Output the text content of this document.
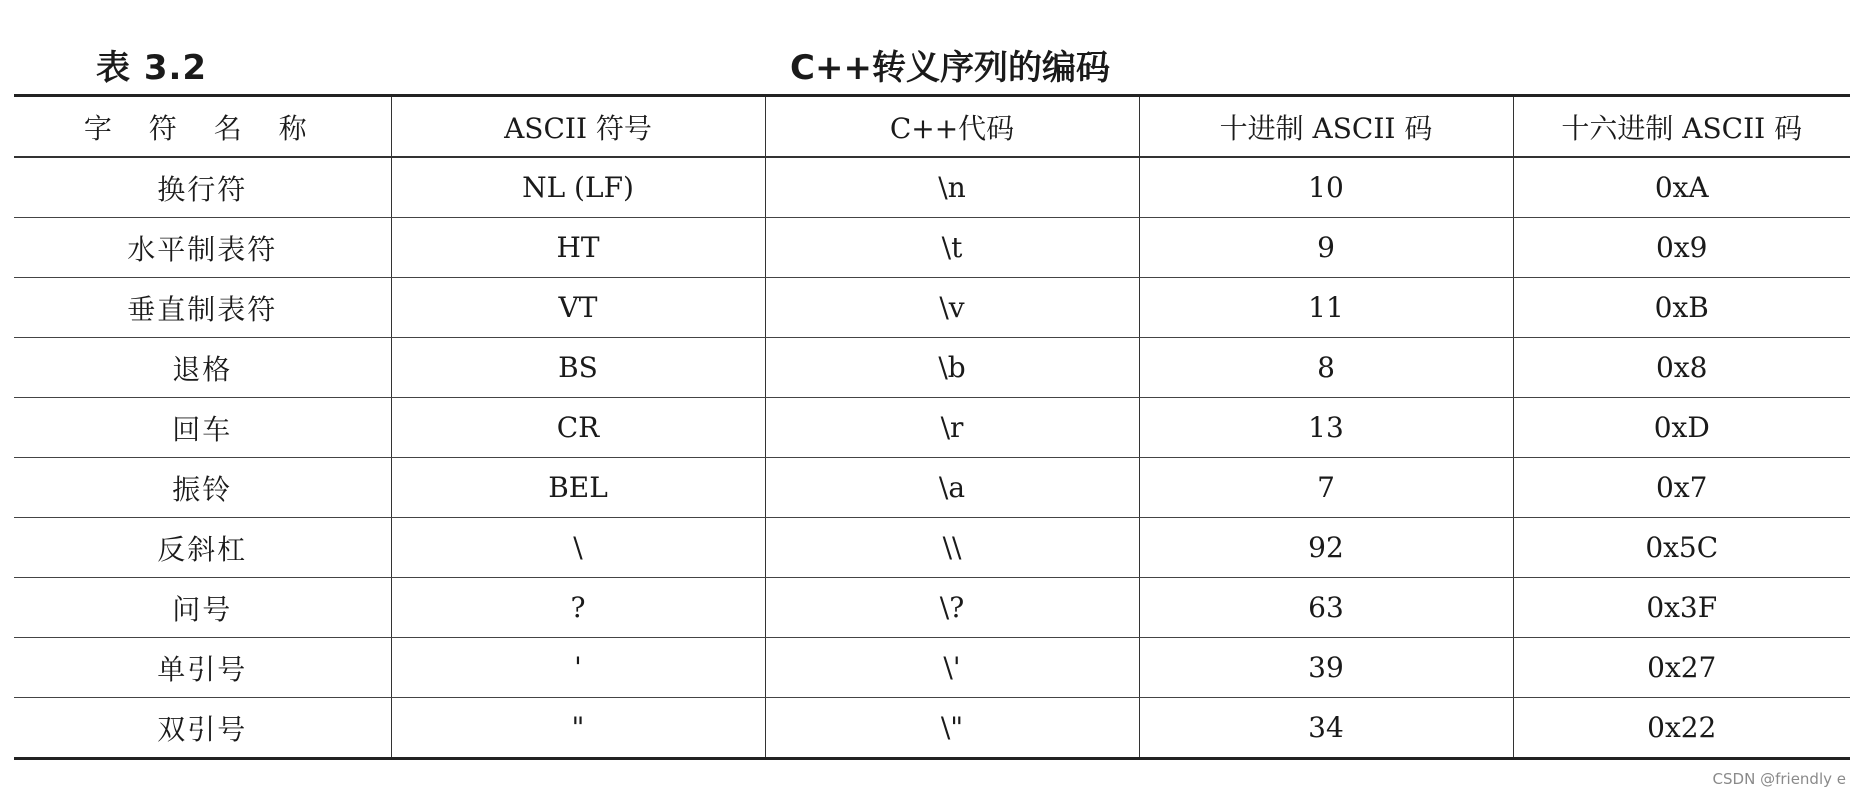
表 3.2	C++转义序列的编码
字 符 名 称	ASCII 符号	C++代码	十进制 ASCII 码	十六进制 ASCII 码
换行符	NL (LF)	\n	10	0xA
水平制表符	HT	\t	9	0x9
垂直制表符	VT	\v	11	0xB
退格	BS	\b	8	0x8
回车	CR	\r	13	0xD
振铃	BEL	\a	7	0x7
反斜杠	\	\\	92	0x5C
问号	?	\?	63	0x3F
单引号	'	\'	39	0x27
双引号	"	\"	34	0x22
CSDN @friendly e
